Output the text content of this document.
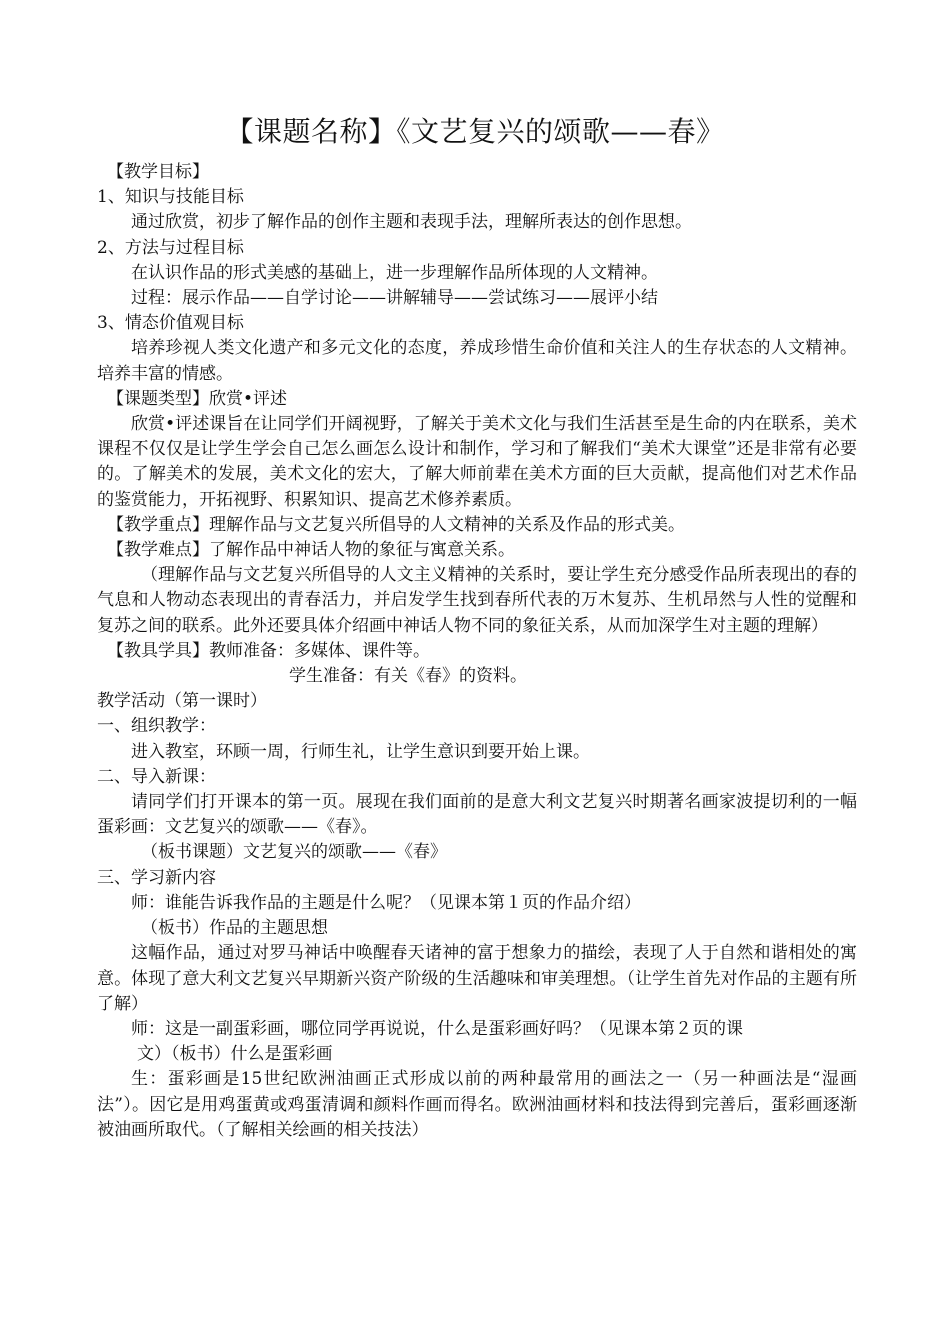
【课题名称】《文艺复兴的颂歌——春》

【教学目标】

1、知识与技能目标

通过欣赏，初步了解作品的创作主题和表现手法，理解所表达的创作思想。

2、方法与过程目标

在认识作品的形式美感的基础上，进一步理解作品所体现的人文精神。

过程：展示作品——自学讨论——讲解辅导——尝试练习——展评小结

3、情态价值观目标

培养珍视人类文化遗产和多元文化的态度，养成珍惜生命价值和关注人的生存状态的人文精神。培养丰富的情感。

【课题类型】欣赏•评述

欣赏•评述课旨在让同学们开阔视野，了解关于美术文化与我们生活甚至是生命的内在联系，美术课程不仅仅是让学生学会自己怎么画怎么设计和制作，学习和了解我们“美术大课堂”还是非常有必要的。了解美术的发展，美术文化的宏大，了解大师前辈在美术方面的巨大贡献，提高他们对艺术作品的鉴赏能力，开拓视野、积累知识、提高艺术修养素质。

【教学重点】理解作品与文艺复兴所倡导的人文精神的关系及作品的形式美。

【教学难点】了解作品中神话人物的象征与寓意关系。

（理解作品与文艺复兴所倡导的人文主义精神的关系时，要让学生充分感受作品所表现出的春的气息和人物动态表现出的青春活力，并启发学生找到春所代表的万木复苏、生机昂然与人性的觉醒和复苏之间的联系。此外还要具体介绍画中神话人物不同的象征关系，从而加深学生对主题的理解）

【教具学具】教师准备：多媒体、课件等。

学生准备：有关《春》的资料。

教学活动（第一课时）

一、组织教学：

进入教室，环顾一周，行师生礼，让学生意识到要开始上课。

二、导入新课：

请同学们打开课本的第一页。展现在我们面前的是意大利文艺复兴时期著名画家波提切利的一幅蛋彩画：文艺复兴的颂歌——《春》。

（板书课题）文艺复兴的颂歌——《春》

三、学习新内容

师：谁能告诉我作品的主题是什么呢？（见课本第１页的作品介绍）

（板书）作品的主题思想

这幅作品，通过对罗马神话中唤醒春天诸神的富于想象力的描绘，表现了人于自然和谐相处的寓意。体现了意大利文艺复兴早期新兴资产阶级的生活趣味和审美理想。（让学生首先对作品的主题有所了解）

师：这是一副蛋彩画，哪位同学再说说，什么是蛋彩画好吗？（见课本第２页的课

文）（板书）什么是蛋彩画

生：蛋彩画是15世纪欧洲油画正式形成以前的两种最常用的画法之一（另一种画法是“湿画法”）。因它是用鸡蛋黄或鸡蛋清调和颜料作画而得名。欧洲油画材料和技法得到完善后，蛋彩画逐渐被油画所取代。（了解相关绘画的相关技法）
